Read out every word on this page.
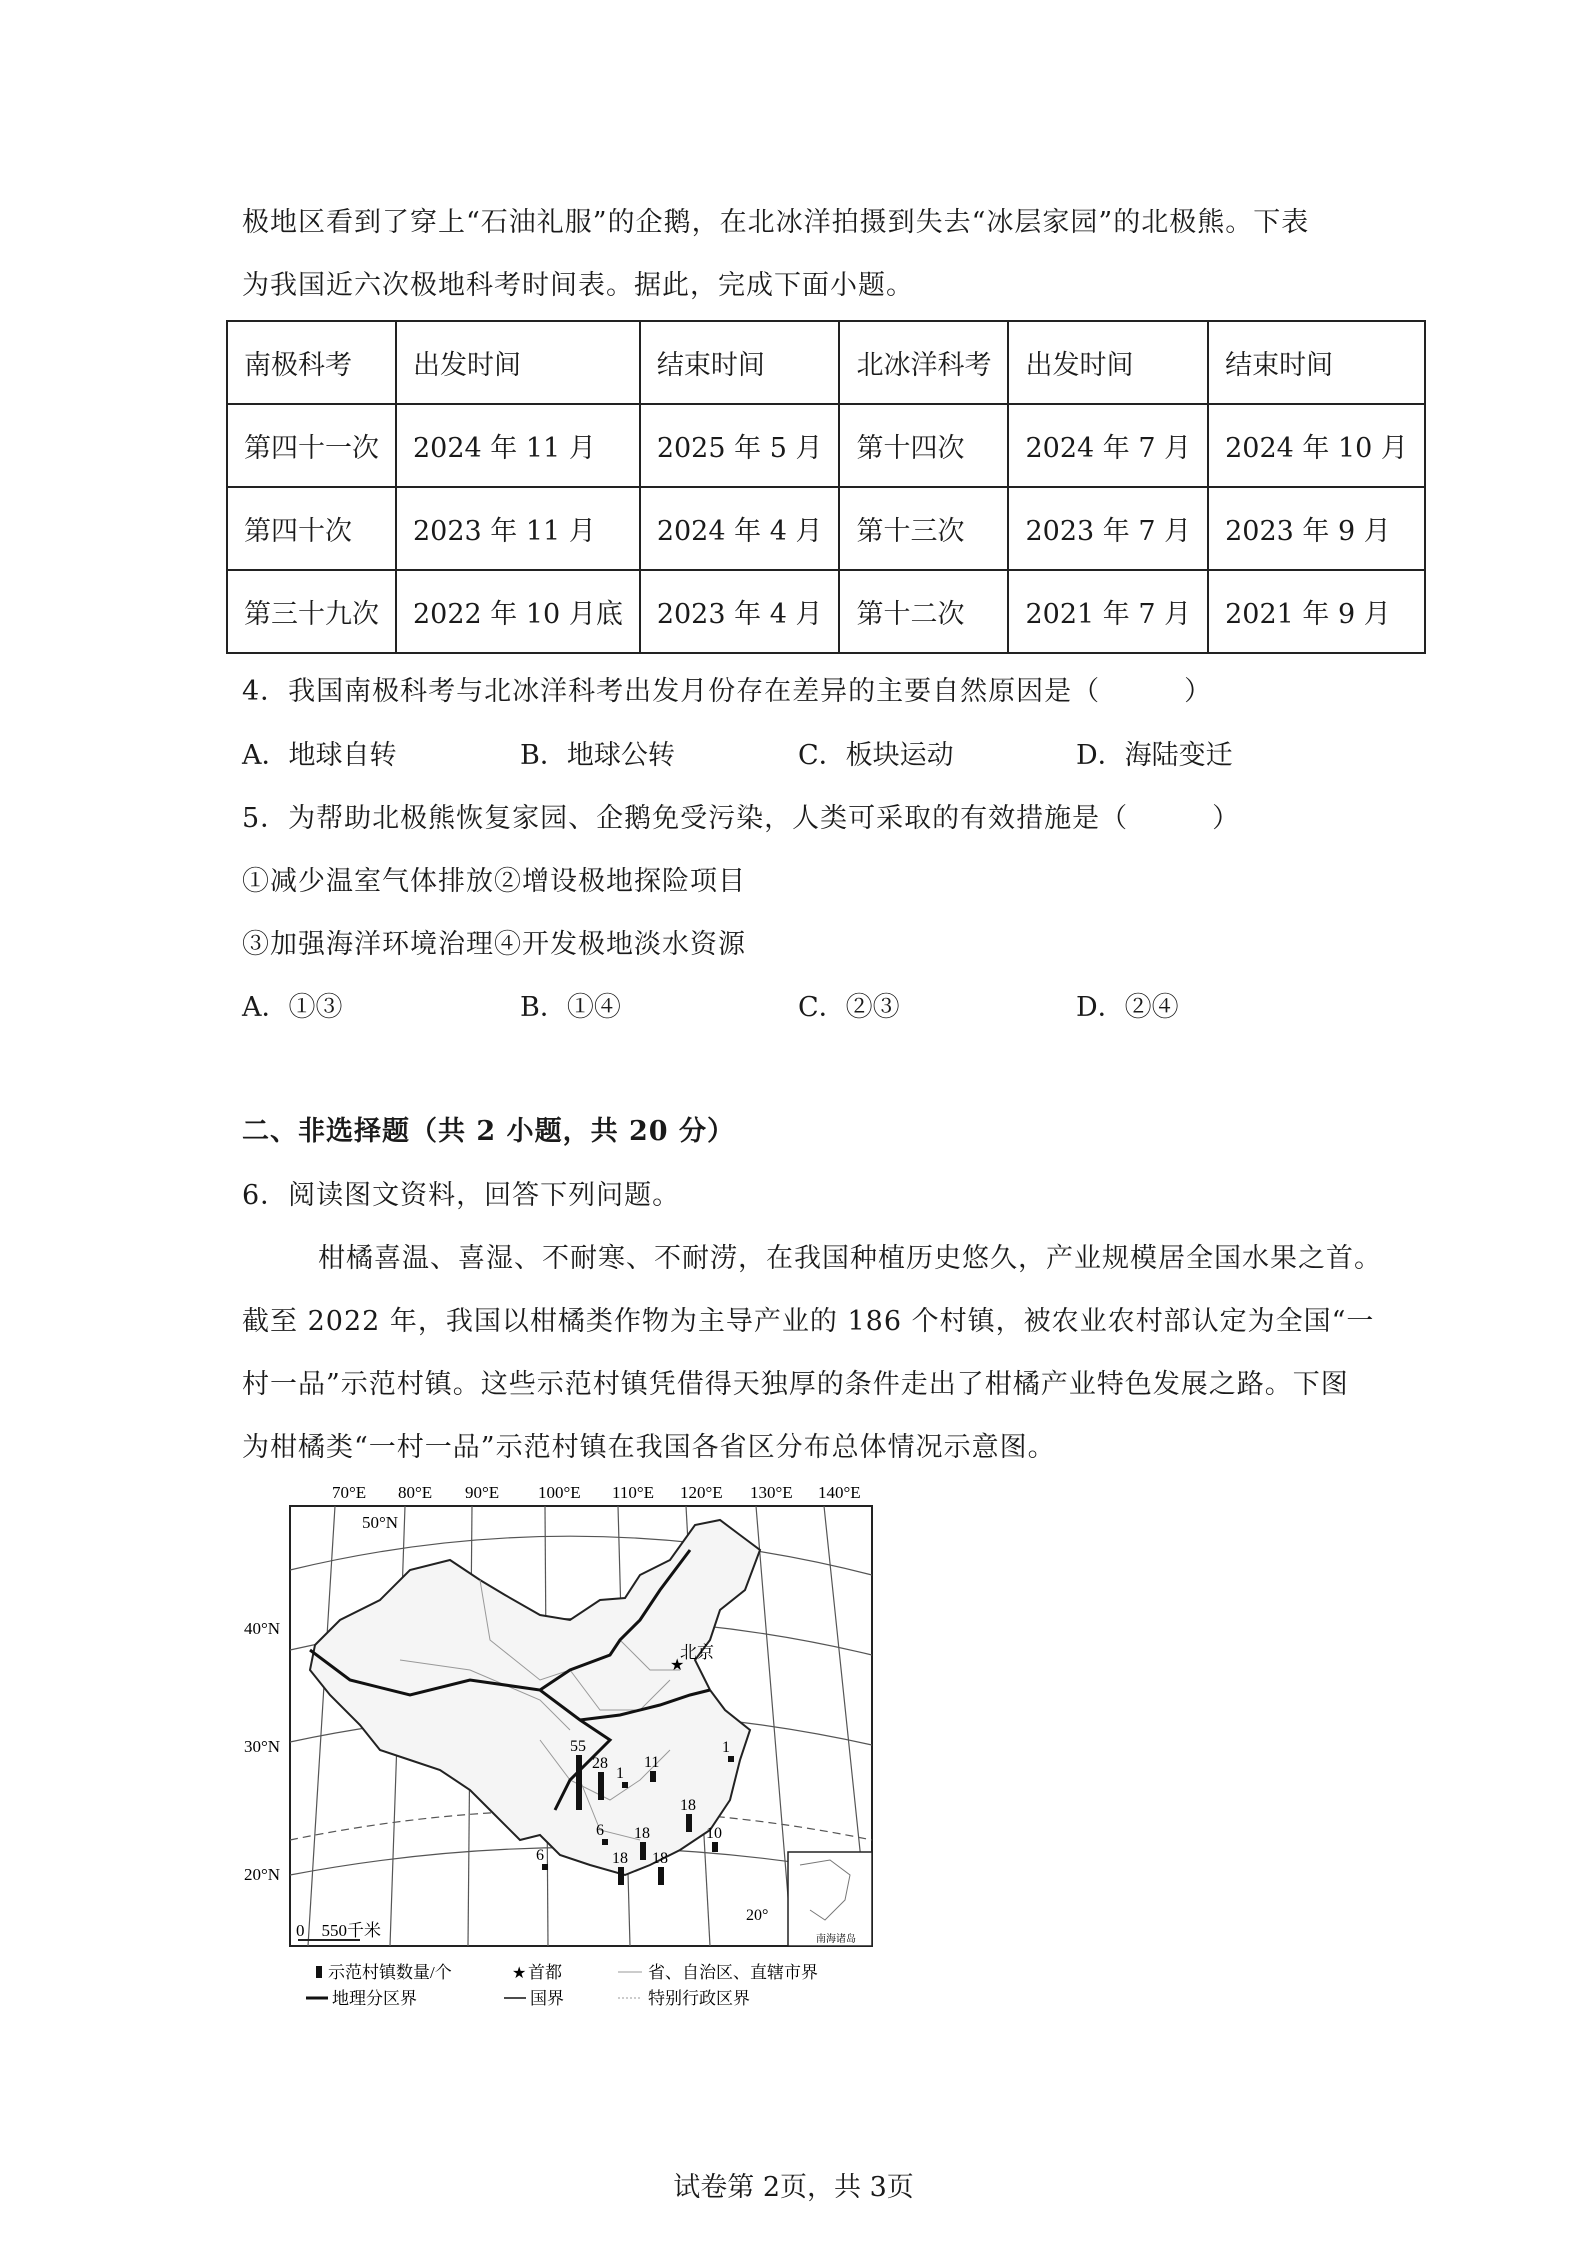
极地区看到了穿上“石油礼服”的企鹅，在北冰洋拍摄到失去“冰层家园”的北极熊。下表
为我国近六次极地科考时间表。据此，完成下面小题。
南极科考	出发时间	结束时间	北冰洋科考	出发时间	结束时间
第四十一次	2024 年 11 月	2025 年 5 月	第十四次	2024 年 7 月	2024 年 10 月
第四十次	2023 年 11 月	2024 年 4 月	第十三次	2023 年 7 月	2023 年 9 月
第三十九次	2022 年 10 月底	2023 年 4 月	第十二次	2021 年 7 月	2021 年 9 月
4．我国南极科考与北冰洋科考出发月份存在差异的主要自然原因是（　　　）
A．地球自转	B．地球公转	C．板块运动	D．海陆变迁
5．为帮助北极熊恢复家园、企鹅免受污染，人类可采取的有效措施是（　　　）
①减少温室气体排放②增设极地探险项目
③加强海洋环境治理④开发极地淡水资源
A．①③	B．①④	C．②③	D．②④
二、非选择题（共 2 小题，共 20 分）
6．阅读图文资料，回答下列问题。
柑橘喜温、喜湿、不耐寒、不耐涝，在我国种植历史悠久，产业规模居全国水果之首。
截至 2022 年，我国以柑橘类作物为主导产业的 186 个村镇，被农业农村部认定为全国“一
村一品”示范村镇。这些示范村镇凭借得天独厚的条件走出了柑橘产业特色发展之路。下图
为柑橘类“一村一品”示范村镇在我国各省区分布总体情况示意图。
70°E 80°E 90°E 100°E 110°E 120°E 130°E 140°E
50°N
40°N
30°N
20°N
20°
★
北京
55
28
1
11
1
6 18
18
10
6	18 18
0　550千米	南海诸岛
示范村镇数量/个	★ 首都	省、自治区、直辖市界
地理分区界	国界	特别行政区界
试卷第 2页，共 3页
